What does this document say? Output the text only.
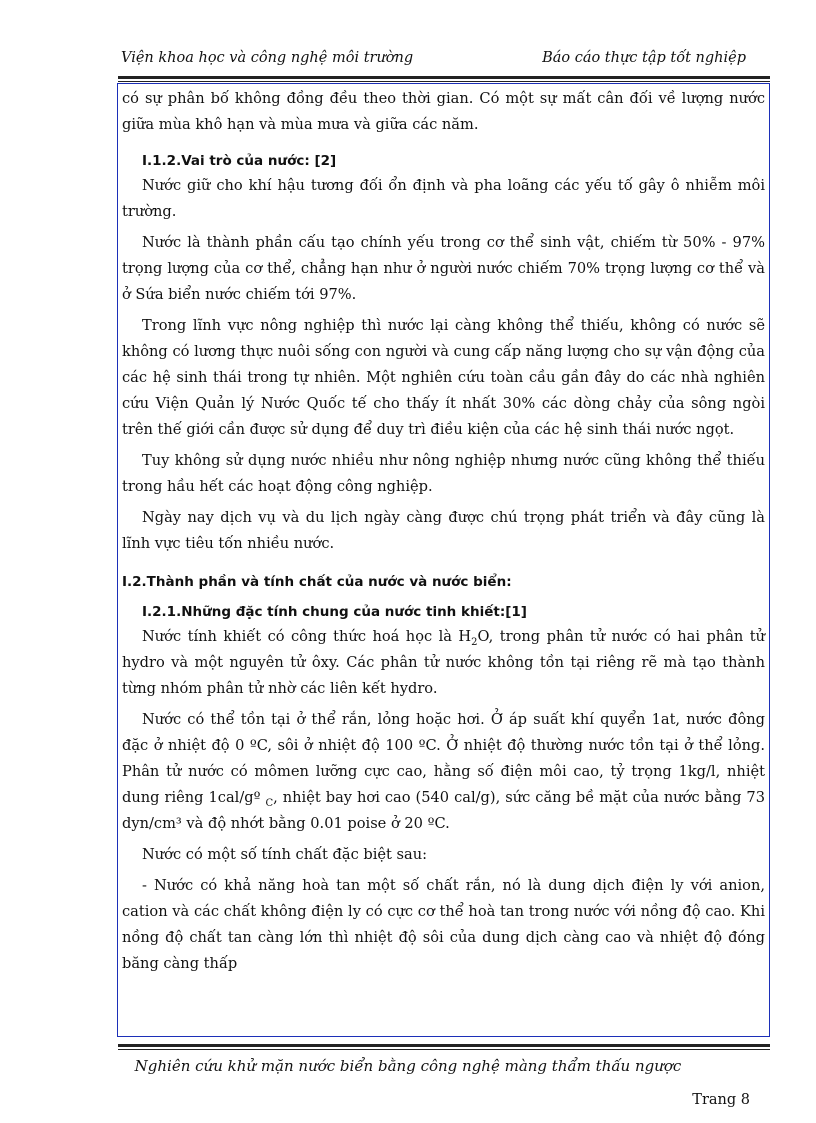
Viện khoa học và công nghệ môi trường	Báo cáo thực tập tốt nghiệp

có sự phân bố không đồng đều theo thời gian. Có một sự mất cân đối về lượng nước giữa mùa khô hạn và mùa mưa và giữa các năm.

I.1.2.Vai trò của nước: [2]

Nước giữ cho khí hậu tương đối ổn định và pha loãng các yếu tố gây ô nhiễm môi trường.

Nước là thành phần cấu tạo chính yếu trong cơ thể sinh vật, chiếm từ 50% - 97% trọng lượng của cơ thể, chẳng hạn như ở người nước chiếm 70% trọng lượng cơ thể và ở Sứa biển nước chiếm tới 97%.

Trong lĩnh vực nông nghiệp thì nước lại càng không thể thiếu, không có nước sẽ không có lương thực nuôi sống con người và cung cấp năng lượng cho sự vận động của các hệ sinh thái trong tự nhiên. Một nghiên cứu toàn cầu gần đây do các nhà nghiên cứu Viện Quản lý Nước Quốc tế cho thấy ít nhất 30% các dòng chảy của sông ngòi trên thế giới cần được sử dụng để duy trì điều kiện của các hệ sinh thái nước ngọt.

Tuy không sử dụng nước nhiều như nông nghiệp nhưng nước cũng không thể thiếu trong hầu hết các hoạt động công nghiệp.

Ngày nay dịch vụ và du lịch ngày càng được chú trọng phát triển và đây cũng là lĩnh vực tiêu tốn nhiều nước.

I.2.Thành phần và tính chất của nước và nước biển:
I.2.1.Những đặc tính chung của nước tinh khiết:[1]

Nước tính khiết có công thức hoá học là $H_2O$, trong phân tử nước có hai phân tử hydro và một nguyên tử ôxy. Các phân tử nước không tồn tại riêng rẽ mà tạo thành từng nhóm phân tử nhờ các liên kết hydro.

Nước có thể tồn tại ở thể rắn, lỏng hoặc hơi. Ở áp suất khí quyển 1at, nước đông đặc ở nhiệt độ 0 ºC, sôi ở nhiệt độ 100 ºC. Ở nhiệt độ thường nước tồn tại ở thể lỏng. Phân tử nước có mômen lưỡng cực cao, hằng số điện môi cao, tỷ trọng 1kg/l, nhiệt dung riêng 1cal/gº $_C$, nhiệt bay hơi cao (540 cal/g), sức căng bề mặt của nước bằng 73 dyn/cm³ và độ nhớt bằng 0.01 poise ở 20 ºC.

Nước có một số tính chất đặc biệt sau:

- Nước có khả năng hoà tan một số chất rắn, nó là dung dịch điện ly với anion, cation và các chất không điện ly có cực cơ thể hoà tan trong nước với nồng độ cao. Khi nồng độ chất tan càng lớn thì nhiệt độ sôi của dung dịch càng cao và nhiệt độ đóng băng càng thấp

Nghiên cứu khử mặn nước biển bằng công nghệ màng thẩm thấu ngược
Trang 8
